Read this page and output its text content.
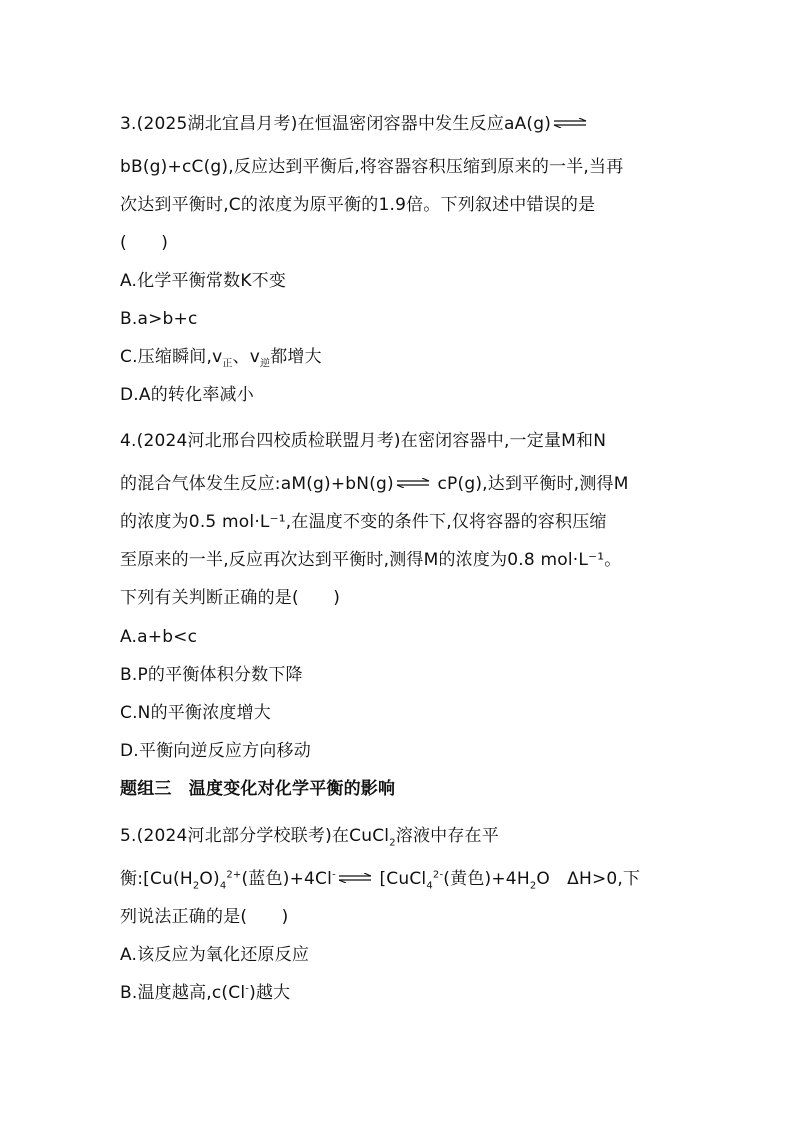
3.(2025湖北宜昌月考)在恒温密闭容器中发生反应aA(g) ⇌
bB(g)+cC(g),反应达到平衡后,将容器容积压缩到原来的一半,当再
次达到平衡时,C的浓度为原平衡的1.9倍。下列叙述中错误的是
(　　)
A.化学平衡常数K不变
B.a>b+c
C.压缩瞬间$,v_正$、$v_逆$都增大
D.A的转化率减小
4.(2024河北邢台四校质检联盟月考)在密闭容器中,一定量M和N
的混合气体发生反应:aM(g)+bN(g) ⇌ cP(g),达到平衡时,测得M
的浓度为0.5 mol·L⁻¹,在温度不变的条件下,仅将容器的容积压缩
至原来的一半,反应再次达到平衡时,测得M的浓度为0.8 mol·L⁻¹。
下列有关判断正确的是(　　)
A.a+b<c
B.P的平衡体积分数下降
C.N的平衡浓度增大
D.平衡向逆反应方向移动
题组三　温度变化对化学平衡的影响
5.(2024河北部分学校联考)在CuCl$_2$溶液中存在平
衡$:[Cu(H_2O)_4^{2+}$(蓝色)+4Cl- ⇌ [CuCl$_4^{2-}$(黄色)$+4H_2O$　ΔH>0,下
列说法正确的是(　　)
A.该反应为氧化还原反应
B.温度越高,c(Cl-)越大
